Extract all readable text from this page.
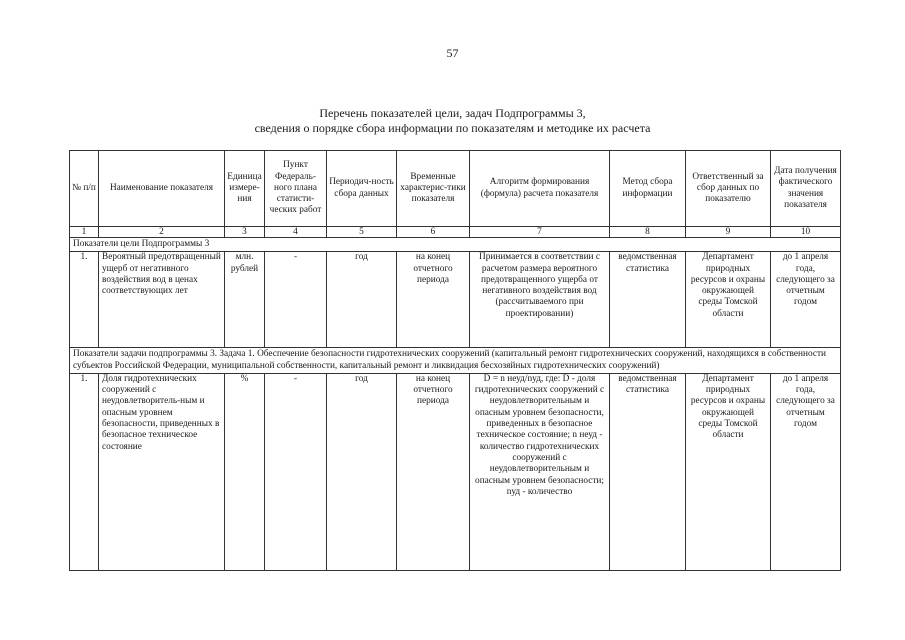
57
Перечень показателей цели, задач Подпрограммы 3,
сведения о порядке сбора информации по показателям и методике их расчета
№ п/п	Наименование показателя	Единица измере-ния	Пункт Федераль-ного плана статисти-ческих работ	Периодич-ность сбора данных	Временные характерис-тики показателя	Алгоритм формирования (формула) расчета показателя	Метод сбора информации	Ответственный за сбор данных по показателю	Дата получения фактического значения показателя
1	2	3	4	5	6	7	8	9	10
Показатели цели Подпрограммы 3									
1.	Вероятный предотвращенный ущерб от негативного воздействия вод в ценах соответствующих лет	млн. рублей	-	год	на конец отчетного периода	Принимается в соответствии с расчетом размера вероятного предотвращенного ущерба от негативного воздействия вод (рассчитываемого при проектировании)	ведомственная статистика	Департамент природных ресурсов и охраны окружающей среды Томской области	до 1 апреля года, следующего за отчетным годом
Показатели задачи подпрограммы 3. Задача 1. Обеспечение безопасности гидротехнических сооружений (капитальный ремонт гидротехнических сооружений, находящихся в собственности субъектов Российской Федерации, муниципальной собственности, капитальный ремонт и ликвидация бесхозяйных гидротехнических сооружений)									

1.	Доля гидротехнических сооружений с неудовлетворитель-ным и опасным уровнем безопасности, приведенных в безопасное техническое состояние	%	-	год	на конец отчетного периода	D = n неуд/nуд, где: D - доля гидротехнических сооружений с неудовлетворительным и опасным уровнем безопасности, приведенных в безопасное техническое состояние; n неуд - количество гидротехнических сооружений с неудовлетворительным и опасным уровнем безопасности; nуд - количество	ведомственная статистика	Департамент природных ресурсов и охраны окружающей среды Томской области	до 1 апреля года, следующего за отчетным годом
